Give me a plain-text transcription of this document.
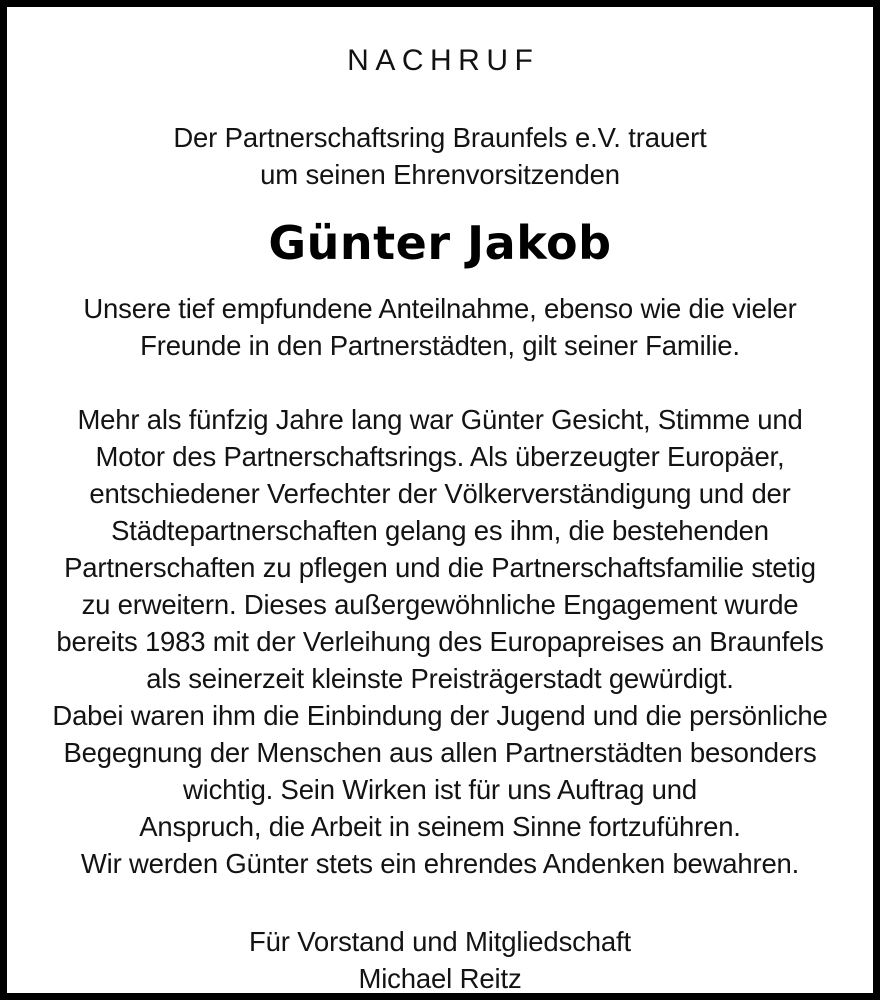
NACHRUF
Der Partnerschaftsring Braunfels e.V. trauert
um seinen Ehrenvorsitzenden
Günter Jakob
Unsere tief empfundene Anteilnahme, ebenso wie die vieler
Freunde in den Partnerstädten, gilt seiner Familie.
Mehr als fünfzig Jahre lang war Günter Gesicht, Stimme und
Motor des Partnerschaftsrings. Als überzeugter Europäer,
entschiedener Verfechter der Völkerverständigung und der
Städtepartnerschaften gelang es ihm, die bestehenden
Partnerschaften zu pflegen und die Partnerschaftsfamilie stetig
zu erweitern. Dieses außergewöhnliche Engagement wurde
bereits 1983 mit der Verleihung des Europapreises an Braunfels
als seinerzeit kleinste Preisträgerstadt gewürdigt.
Dabei waren ihm die Einbindung der Jugend und die persönliche
Begegnung der Menschen aus allen Partnerstädten besonders
wichtig. Sein Wirken ist für uns Auftrag und
Anspruch, die Arbeit in seinem Sinne fortzuführen.
Wir werden Günter stets ein ehrendes Andenken bewahren.
Für Vorstand und Mitgliedschaft
Michael Reitz
